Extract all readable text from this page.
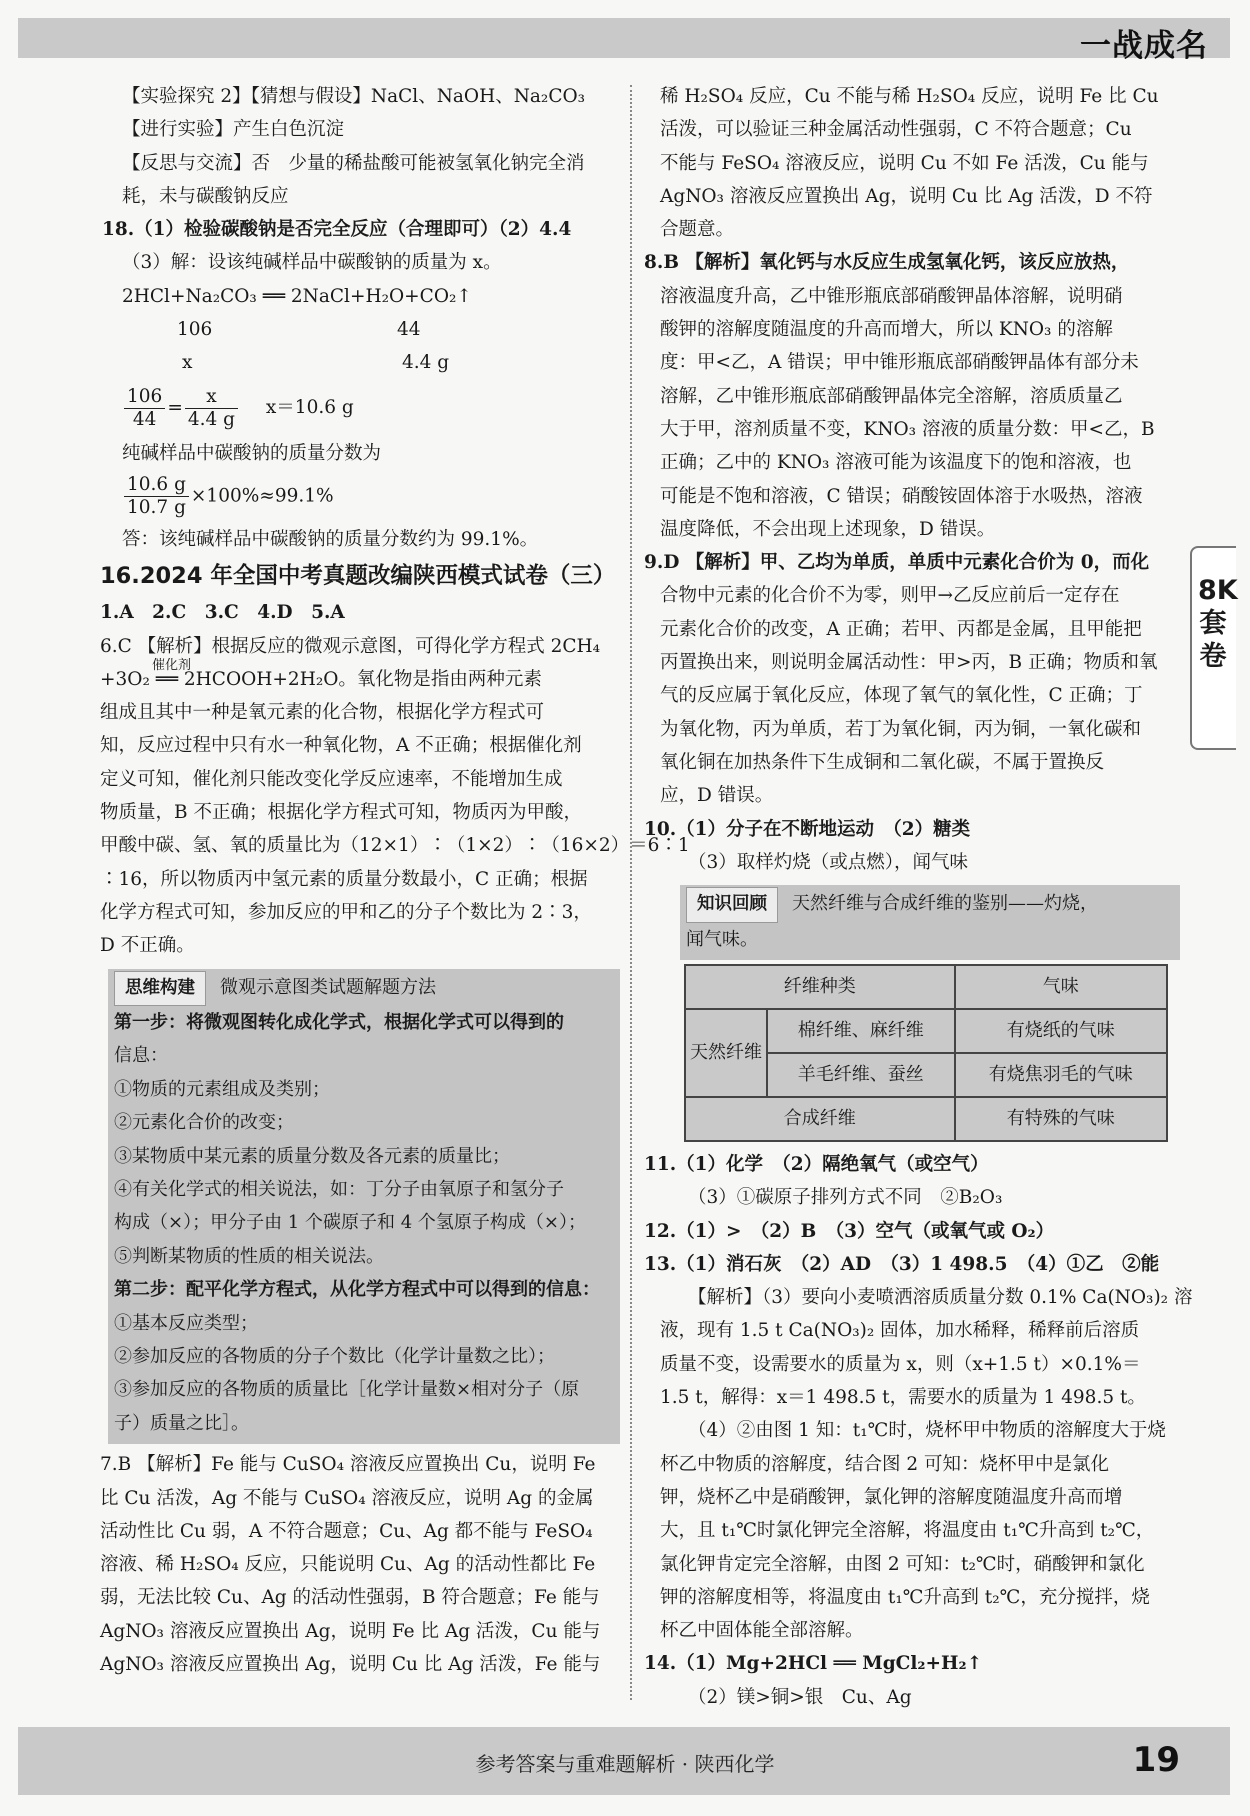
一战成名
8K套卷

【实验探究 2】【猜想与假设】NaCl、NaOH、Na₂CO₃

【进行实验】产生白色沉淀

【反思与交流】否　少量的稀盐酸可能被氢氧化钠完全消

耗，未与碳酸钠反应

18.（1）检验碳酸钠是否完全反应（合理即可）（2）4.4

（3）解：设该纯碱样品中碳酸钠的质量为 x。

2HCl+Na₂CO₃ ══ 2NaCl+H₂O+CO₂↑

106	44

x	4.4 g

$\frac{106}{44} = \frac{x}{4.4 g} x=10.6$ g

纯碱样品中碳酸钠的质量分数为

$\frac{10.6 g}{10.7 g} \times 100\%\approx 99.1\%$

答：该纯碱样品中碳酸钠的质量分数约为 99.1%。

16.2024 年全国中考真题改编陕西模式试卷（三）

1.A　2.C　3.C　4.D　5.A

6.C 【解析】根据反应的微观示意图，可得化学方程式 2CH₄

+3O₂ ══ 2HCOOH+2H₂O。氧化物是指由两种元素
催化剂

组成且其中一种是氧元素的化合物，根据化学方程式可

知，反应过程中只有水一种氧化物，A 不正确；根据催化剂

定义可知，催化剂只能改变化学反应速率，不能增加生成

物质量，B 不正确；根据化学方程式可知，物质丙为甲酸，

甲酸中碳、氢、氧的质量比为（12×1）∶（1×2）∶（16×2）＝6∶1

∶16，所以物质丙中氢元素的质量分数最小，C 正确；根据

化学方程式可知，参加反应的甲和乙的分子个数比为 2∶3，

D 不正确。

思维构建 微观示意图类试题解题方法

第一步：将微观图转化成化学式，根据化学式可以得到的

信息：

①物质的元素组成及类别；

②元素化合价的改变；

③某物质中某元素的质量分数及各元素的质量比；

④有关化学式的相关说法，如：丁分子由氧原子和氢分子

构成（×）；甲分子由 1 个碳原子和 4 个氢原子构成（×）；

⑤判断某物质的性质的相关说法。

第二步：配平化学方程式，从化学方程式中可以得到的信息：

①基本反应类型；

②参加反应的各物质的分子个数比（化学计量数之比）；

③参加反应的各物质的质量比［化学计量数×相对分子（原

子）质量之比］。

7.B 【解析】Fe 能与 CuSO₄ 溶液反应置换出 Cu，说明 Fe

比 Cu 活泼，Ag 不能与 CuSO₄ 溶液反应，说明 Ag 的金属

活动性比 Cu 弱，A 不符合题意；Cu、Ag 都不能与 FeSO₄

溶液、稀 H₂SO₄ 反应，只能说明 Cu、Ag 的活动性都比 Fe

弱，无法比较 Cu、Ag 的活动性强弱，B 符合题意；Fe 能与

AgNO₃ 溶液反应置换出 Ag，说明 Fe 比 Ag 活泼，Cu 能与

AgNO₃ 溶液反应置换出 Ag，说明 Cu 比 Ag 活泼，Fe 能与

稀 H₂SO₄ 反应，Cu 不能与稀 H₂SO₄ 反应，说明 Fe 比 Cu

活泼，可以验证三种金属活动性强弱，C 不符合题意；Cu

不能与 FeSO₄ 溶液反应，说明 Cu 不如 Fe 活泼，Cu 能与

AgNO₃ 溶液反应置换出 Ag，说明 Cu 比 Ag 活泼，D 不符

合题意。

8.B 【解析】氧化钙与水反应生成氢氧化钙，该反应放热，

溶液温度升高，乙中锥形瓶底部硝酸钾晶体溶解，说明硝

酸钾的溶解度随温度的升高而增大，所以 KNO₃ 的溶解

度：甲<乙，A 错误；甲中锥形瓶底部硝酸钾晶体有部分未

溶解，乙中锥形瓶底部硝酸钾晶体完全溶解，溶质质量乙

大于甲，溶剂质量不变，KNO₃ 溶液的质量分数：甲<乙，B

正确；乙中的 KNO₃ 溶液可能为该温度下的饱和溶液，也

可能是不饱和溶液，C 错误；硝酸铵固体溶于水吸热，溶液

温度降低，不会出现上述现象，D 错误。

9.D 【解析】甲、乙均为单质，单质中元素化合价为 0，而化

合物中元素的化合价不为零，则甲→乙反应前后一定存在

元素化合价的改变，A 正确；若甲、丙都是金属，且甲能把

丙置换出来，则说明金属活动性：甲>丙，B 正确；物质和氧

气的反应属于氧化反应，体现了氧气的氧化性，C 正确；丁

为氧化物，丙为单质，若丁为氧化铜，丙为铜，一氧化碳和

氧化铜在加热条件下生成铜和二氧化碳，不属于置换反

应，D 错误。

10.（1）分子在不断地运动　（2）糖类

（3）取样灼烧（或点燃），闻气味

知识回顾 天然纤维与合成纤维的鉴别——灼烧，

闻气味。

纤维种类		气味
天然纤维	棉纤维、麻纤维	有烧纸的气味
	羊毛纤维、蚕丝	有烧焦羽毛的气味
合成纤维		有特殊的气味

11.（1）化学　（2）隔绝氧气（或空气）

（3）①碳原子排列方式不同　②B₂O₃

12.（1）>　（2）B　（3）空气（或氧气或 O₂）

13.（1）消石灰　（2）AD　（3）1 498.5　（4）①乙　②能

【解析】（3）要向小麦喷洒溶质质量分数 0.1% Ca(NO₃)₂ 溶

液，现有 1.5 t Ca(NO₃)₂ 固体，加水稀释，稀释前后溶质

质量不变，设需要水的质量为 x，则（x+1.5 t）×0.1%＝

1.5 t，解得：x＝1 498.5 t，需要水的质量为 1 498.5 t。

（4）②由图 1 知：t₁℃时，烧杯甲中物质的溶解度大于烧

杯乙中物质的溶解度，结合图 2 可知：烧杯甲中是氯化

钾，烧杯乙中是硝酸钾，氯化钾的溶解度随温度升高而增

大，且 t₁℃时氯化钾完全溶解，将温度由 t₁℃升高到 t₂℃，

氯化钾肯定完全溶解，由图 2 可知：t₂℃时，硝酸钾和氯化

钾的溶解度相等，将温度由 t₁℃升高到 t₂℃，充分搅拌，烧

杯乙中固体能全部溶解。

14.（1）Mg+2HCl ══ MgCl₂+H₂↑

（2）镁>铜>银　Cu、Ag

参考答案与重难题解析 · 陕西化学	19
